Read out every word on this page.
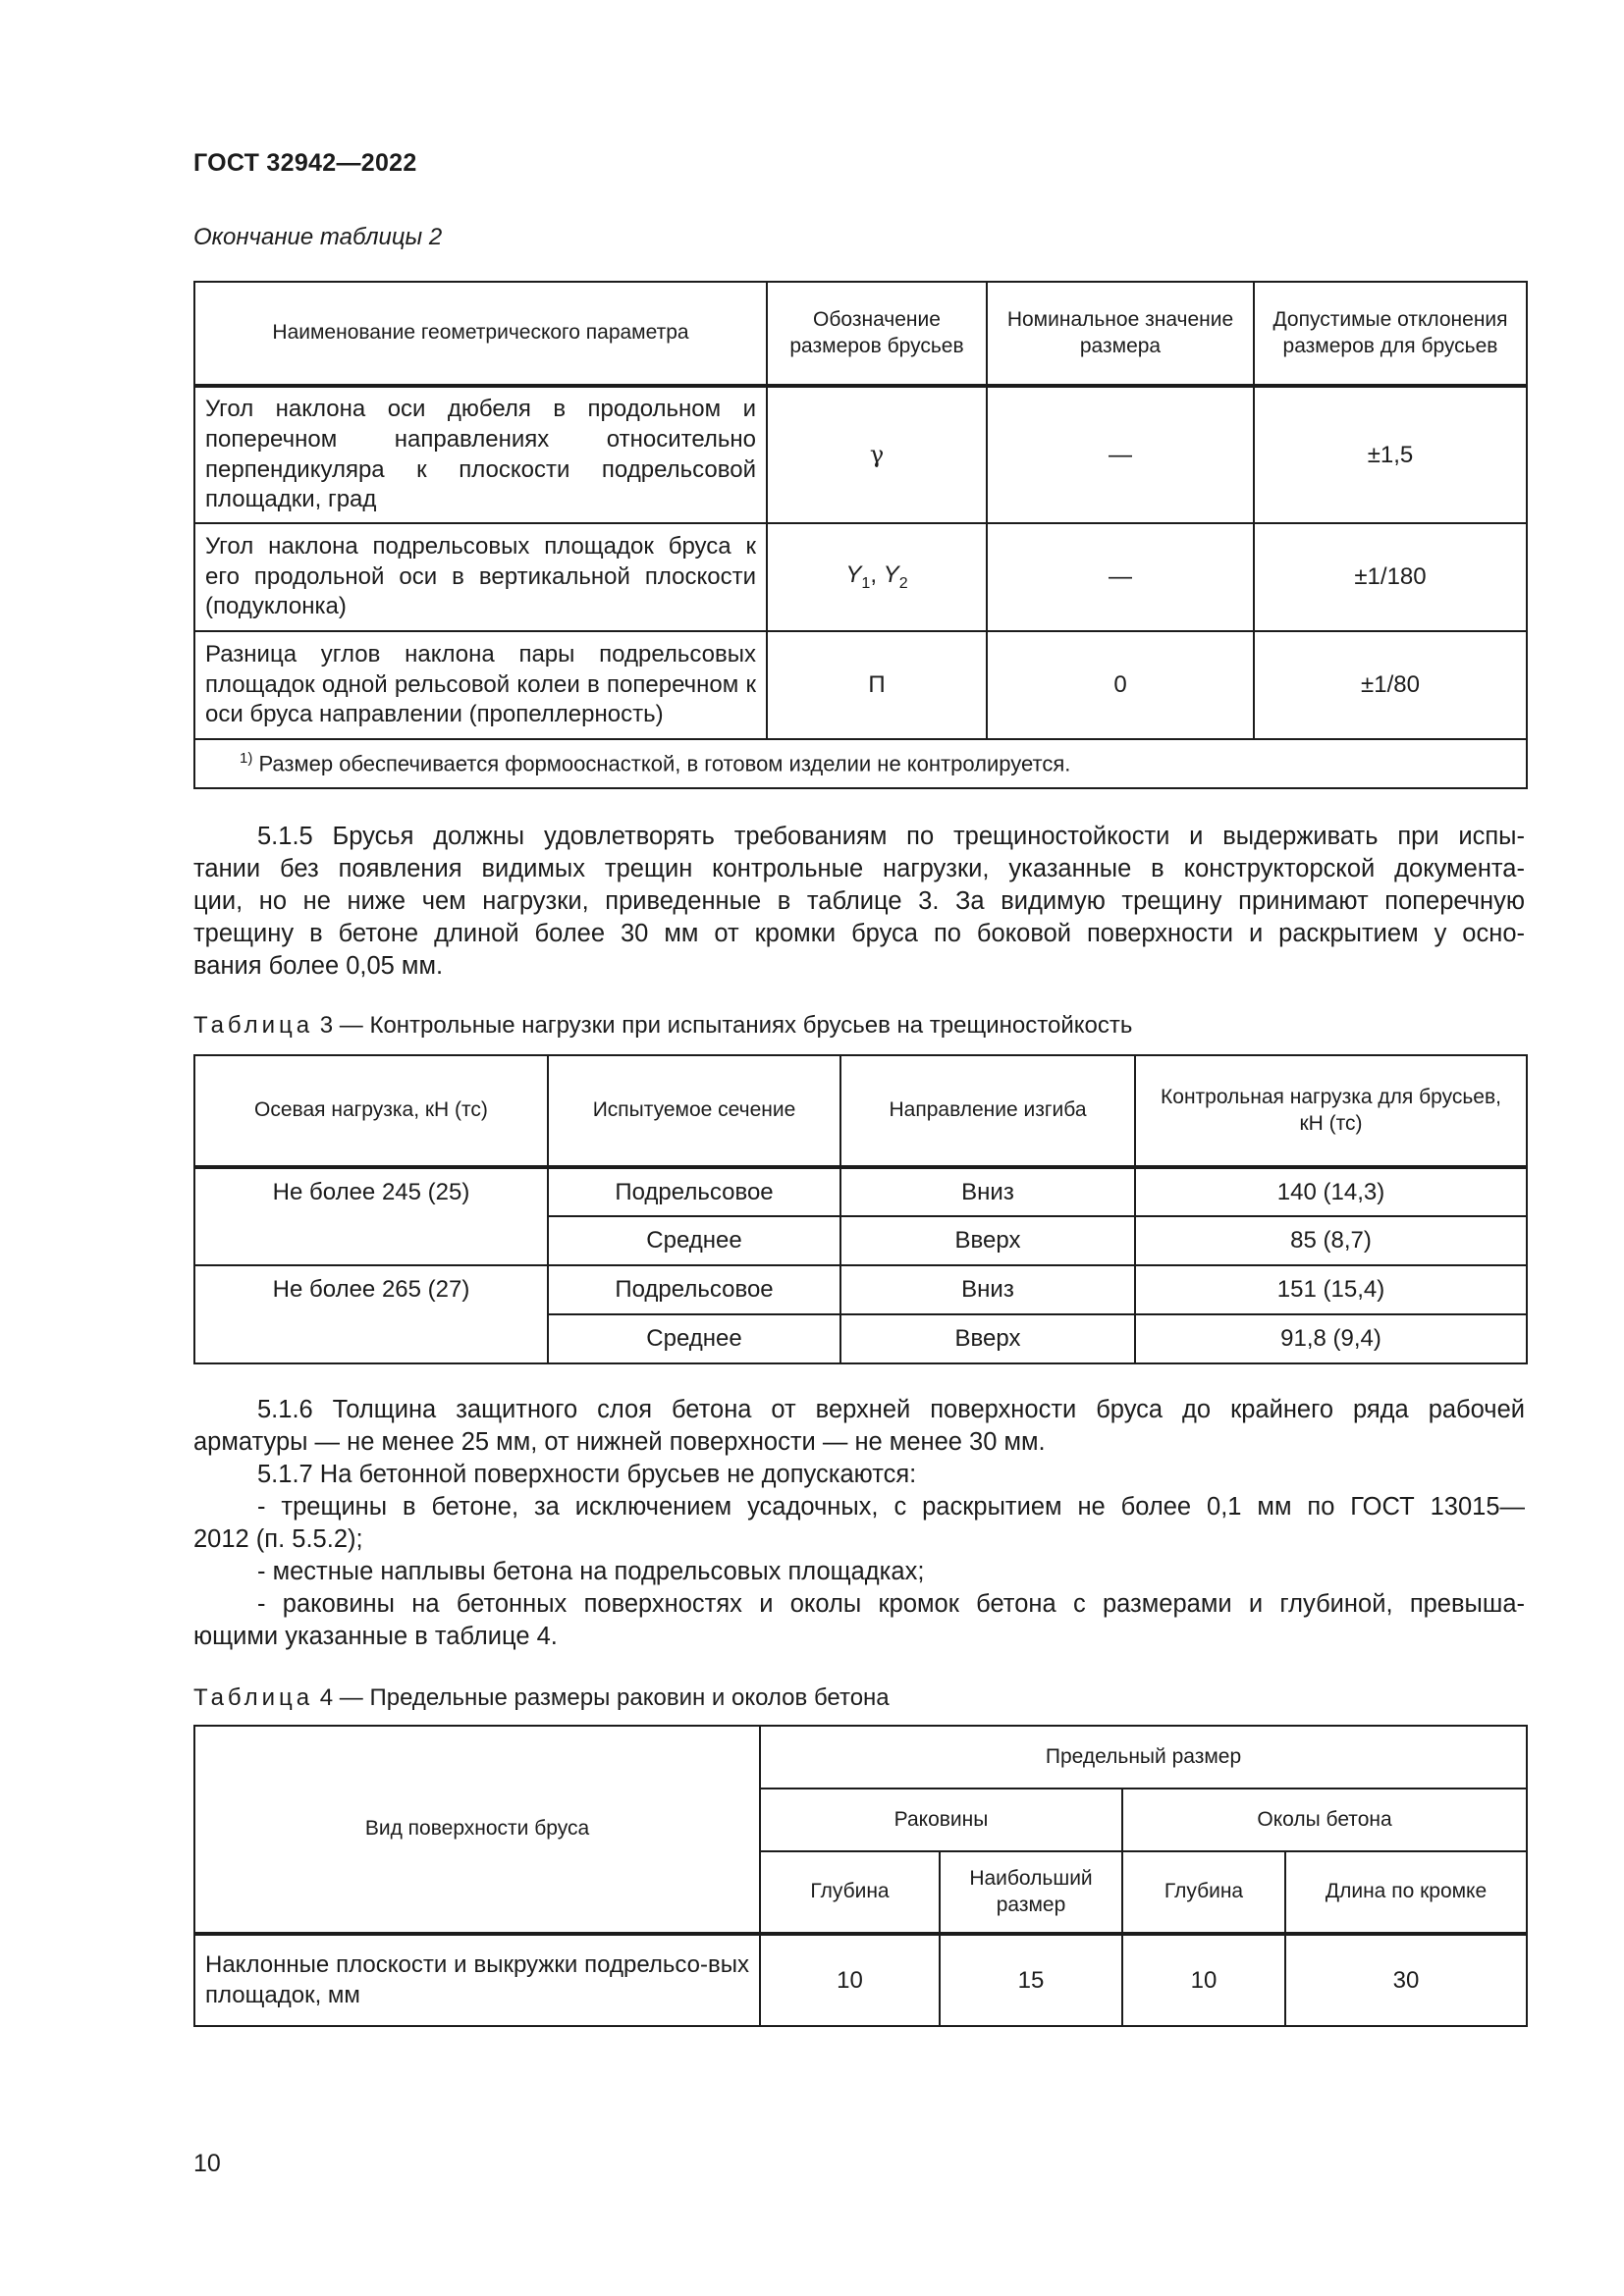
ГОСТ 32942—2022
Окончание таблицы 2
Наименование геометрического параметра	Обозначение размеров брусьев	Номинальное значение размера	Допустимые отклонения размеров для брусьев
Угол наклона оси дюбеля в продольном и поперечном направлениях относительно перпендикуляра к плоскости подрельсовой площадки, град	γ	—	±1,5
Угол наклона подрельсовых площадок бруса к его продольной оси в вертикальной плоскости (подуклонка)	$Y_1$, $Y_2$	—	±1/180
Разница углов наклона пары подрельсовых площадок одной рельсовой колеи в поперечном к оси бруса направлении (пропеллерность)	П	0	±1/80
$^{1)}$ Размер обеспечивается формооснасткой, в готовом изделии не контролируется.			
5.1.5 Брусья должны удовлетворять требованиям по трещиностойкости и выдерживать при испы-
тании без появления видимых трещин контрольные нагрузки, указанные в конструкторской документа-
ции, но не ниже чем нагрузки, приведенные в таблице 3. За видимую трещину принимают поперечную
трещину в бетоне длиной более 30 мм от кромки бруса по боковой поверхности и раскрытием у осно-
вания более 0,05 мм.
Таблица 3 — Контрольные нагрузки при испытаниях брусьев на трещиностойкость
Осевая нагрузка, кН (тс)	Испытуемое сечение	Направление изгиба	Контрольная нагрузка для брусьев, кН (тс)
Не более 245 (25)	Подрельсовое	Вниз	140 (14,3)
	Среднее	Вверх	85 (8,7)
Не более 265 (27)	Подрельсовое	Вниз	151 (15,4)
	Среднее	Вверх	91,8 (9,4)
5.1.6 Толщина защитного слоя бетона от верхней поверхности бруса до крайнего ряда рабочей
арматуры — не менее 25 мм, от нижней поверхности — не менее 30 мм.
5.1.7 На бетонной поверхности брусьев не допускаются:
- трещины в бетоне, за исключением усадочных, с раскрытием не более 0,1 мм по ГОСТ 13015—
2012 (п. 5.5.2);
- местные наплывы бетона на подрельсовых площадках;
- раковины на бетонных поверхностях и околы кромок бетона с размерами и глубиной, превыша-
ющими указанные в таблице 4.
Таблица 4 — Предельные размеры раковин и околов бетона
Вид поверхности бруса	Предельный размер			
	Раковины		Околы бетона	
	Глубина	Наибольший размер	Глубина	Длина по кромке
Наклонные плоскости и выкружки подрельсо-вых площадок, мм	10	15	10	30
10
